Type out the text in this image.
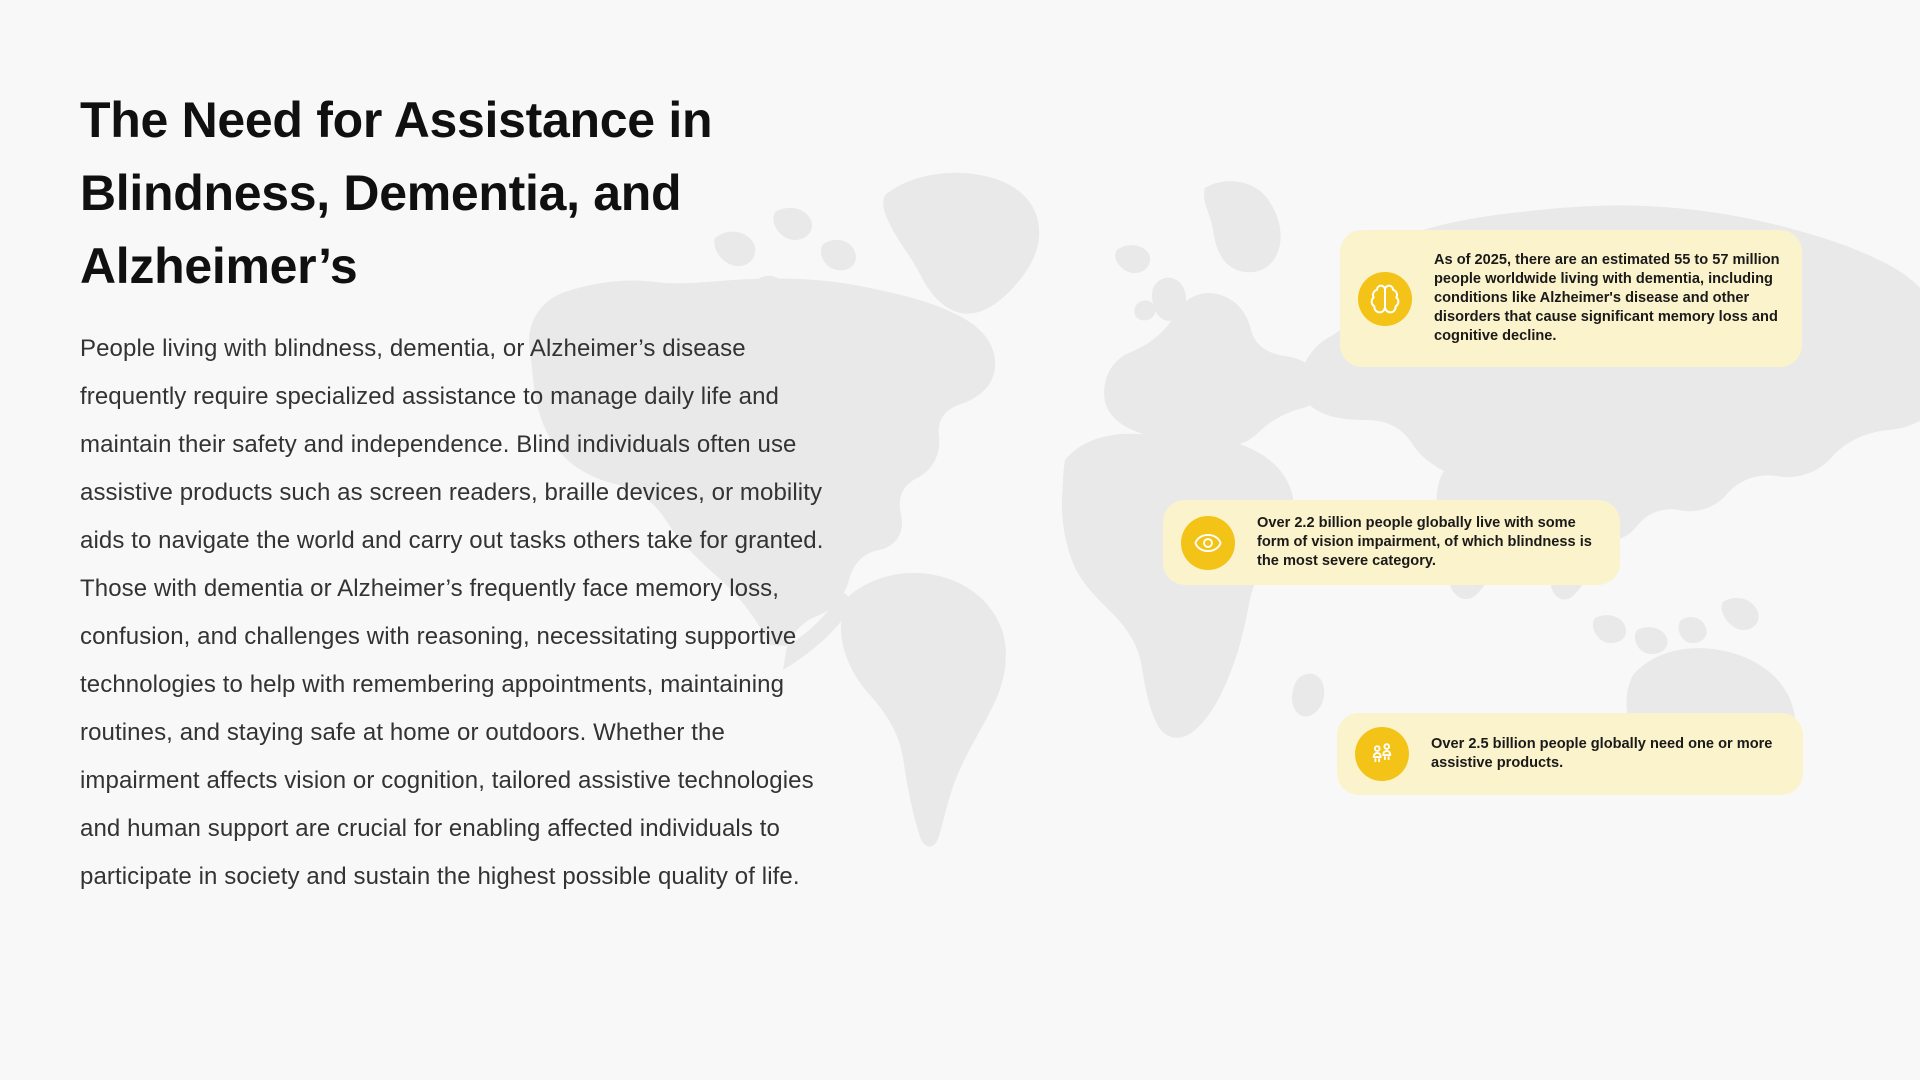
The Need for Assistance in
Blindness, Dementia, and
Alzheimer’s

People living with blindness, dementia, or Alzheimer’s disease frequently require specialized assistance to manage daily life and maintain their safety and independence. Blind individuals often use assistive products such as screen readers, braille devices, or mobility aids to navigate the world and carry out tasks others take for granted. Those with dementia or Alzheimer’s frequently face memory loss, confusion, and challenges with reasoning, necessitating supportive technologies to help with remembering appointments, maintaining routines, and staying safe at home or outdoors. Whether the impairment affects vision or cognition, tailored assistive technologies and human support are crucial for enabling affected individuals to participate in society and sustain the highest possible quality of life.

As of 2025, there are an estimated 55 to 57 million people worldwide living with dementia, including conditions like Alzheimer's disease and other disorders that cause significant memory loss and cognitive decline.

Over 2.2 billion people globally live with some form of vision impairment, of which blindness is the most severe category.

Over 2.5 billion people globally need one or more assistive products.
